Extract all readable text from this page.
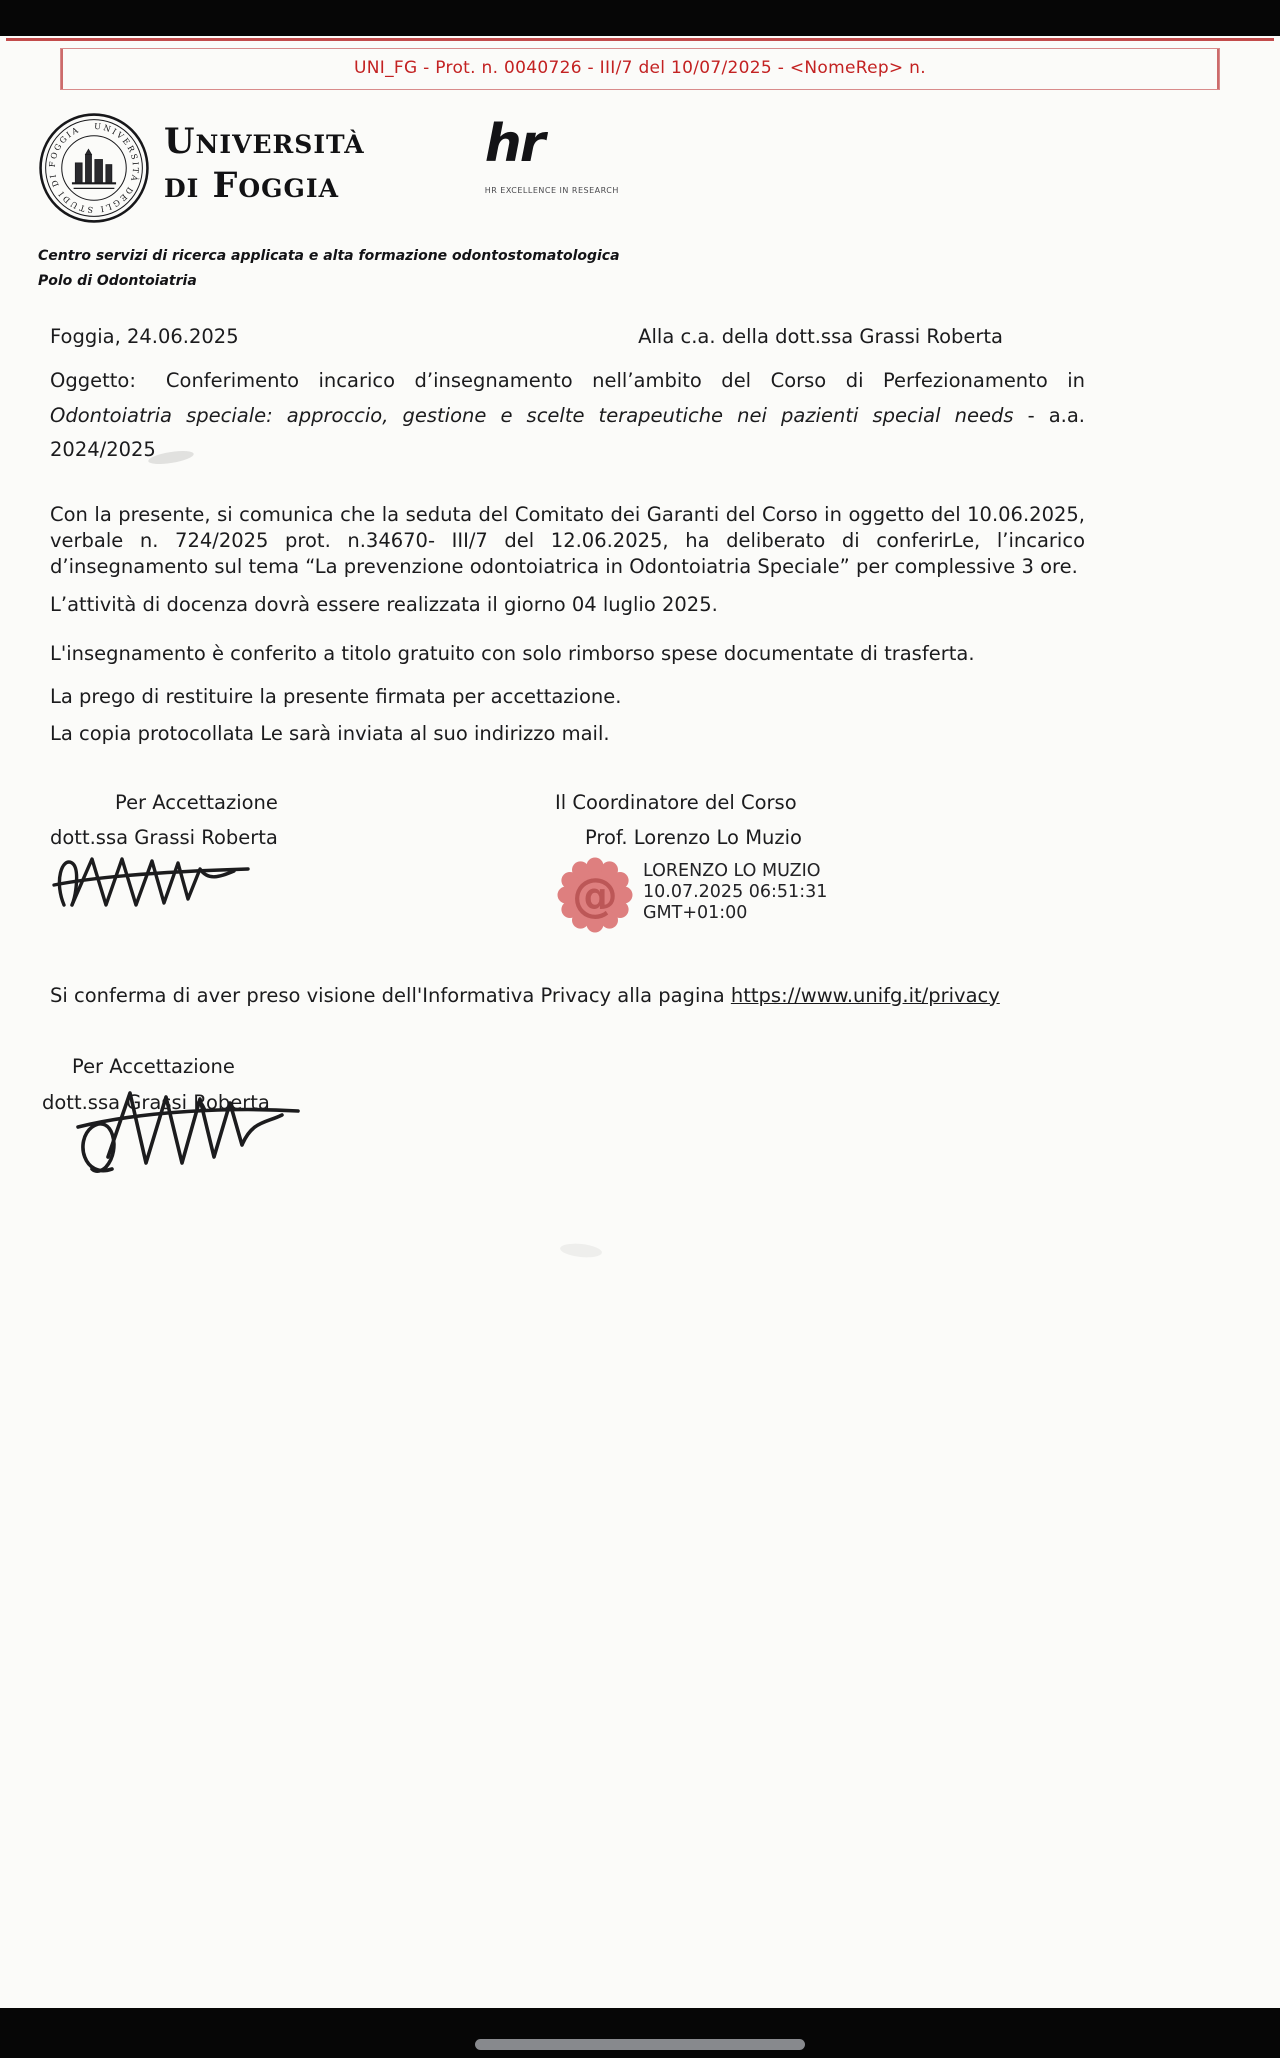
UNI_FG - Prot. n. 0040726 - III/7 del 10/07/2025 - <NomeRep> n.
UNIVERSITÀ DEGLI STUDI DI FOGGIA	Università
di Foggia
hr
HR EXCELLENCE IN RESEARCH
Centro servizi di ricerca applicata e alta formazione odontostomatologica
Polo di Odontoiatria
Foggia, 24.06.2025	Alla c.a. della dott.ssa Grassi Roberta

Oggetto: Conferimento incarico d’insegnamento nell’ambito del Corso di Perfezionamento in Odontoiatria speciale: approccio, gestione e scelte terapeutiche nei pazienti special needs - a.a. 2024/2025

Con la presente, si comunica che la seduta del Comitato dei Garanti del Corso in oggetto del 10.06.2025, verbale n. 724/2025 prot. n.34670- III/7 del 12.06.2025, ha deliberato di conferirLe, l’incarico d’insegnamento sul tema “La prevenzione odontoiatrica in Odontoiatria Speciale” per complessive 3 ore.

L’attività di docenza dovrà essere realizzata il giorno 04 luglio 2025.

L'insegnamento è conferito a titolo gratuito con solo rimborso spese documentate di trasferta.

La prego di restituire la presente firmata per accettazione.

La copia protocollata Le sarà inviata al suo indirizzo mail.

Per Accettazione
dott.ssa Grassi Roberta
Il Coordinatore del Corso
Prof. Lorenzo Lo Muzio
@ LORENZO LO MUZIO
10.07.2025 06:51:31
GMT+01:00

Si conferma di aver preso visione dell'Informativa Privacy alla pagina https://www.unifg.it/privacy

Per Accettazione
dott.ssa Grassi Roberta
